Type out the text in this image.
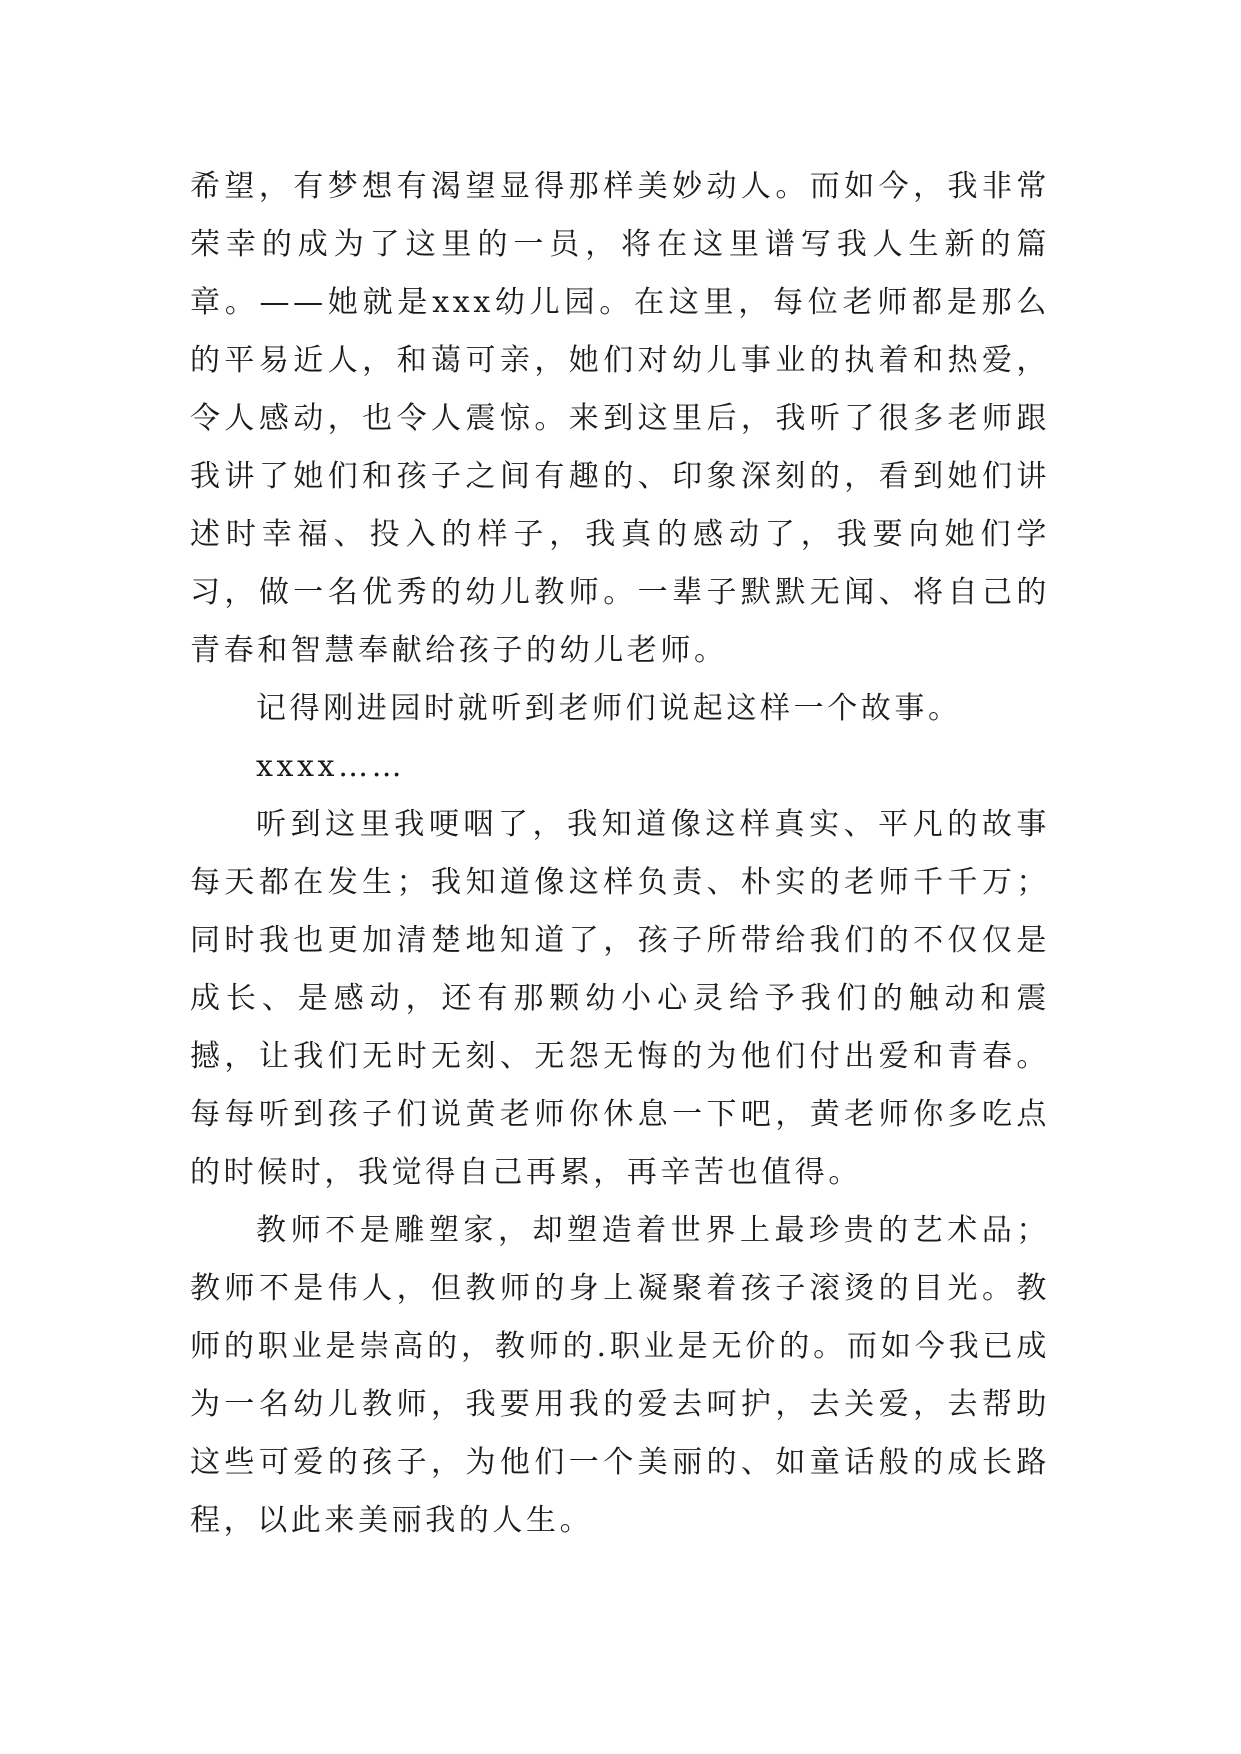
希望，有梦想有渴望显得那样美妙动人。而如今，我非常荣幸的成为了这里的一员，将在这里谱写我人生新的篇章。——她就是xxx幼儿园。在这里，每位老师都是那么的平易近人，和蔼可亲，她们对幼儿事业的执着和热爱，令人感动，也令人震惊。来到这里后，我听了很多老师跟我讲了她们和孩子之间有趣的、印象深刻的，看到她们讲述时幸福、投入的样子，我真的感动了，我要向她们学习，做一名优秀的幼儿教师。一辈子默默无闻、将自己的青春和智慧奉献给孩子的幼儿老师。

记得刚进园时就听到老师们说起这样一个故事。

xxxx……

听到这里我哽咽了，我知道像这样真实、平凡的故事每天都在发生；我知道像这样负责、朴实的老师千千万；同时我也更加清楚地知道了，孩子所带给我们的不仅仅是成长、是感动，还有那颗幼小心灵给予我们的触动和震撼，让我们无时无刻、无怨无悔的为他们付出爱和青春。每每听到孩子们说黄老师你休息一下吧，黄老师你多吃点的时候时，我觉得自己再累，再辛苦也值得。

教师不是雕塑家，却塑造着世界上最珍贵的艺术品；教师不是伟人，但教师的身上凝聚着孩子滚烫的目光。教师的职业是崇高的，教师的.职业是无价的。而如今我已成为一名幼儿教师，我要用我的爱去呵护，去关爱，去帮助这些可爱的孩子，为他们一个美丽的、如童话般的成长路程，以此来美丽我的人生。
